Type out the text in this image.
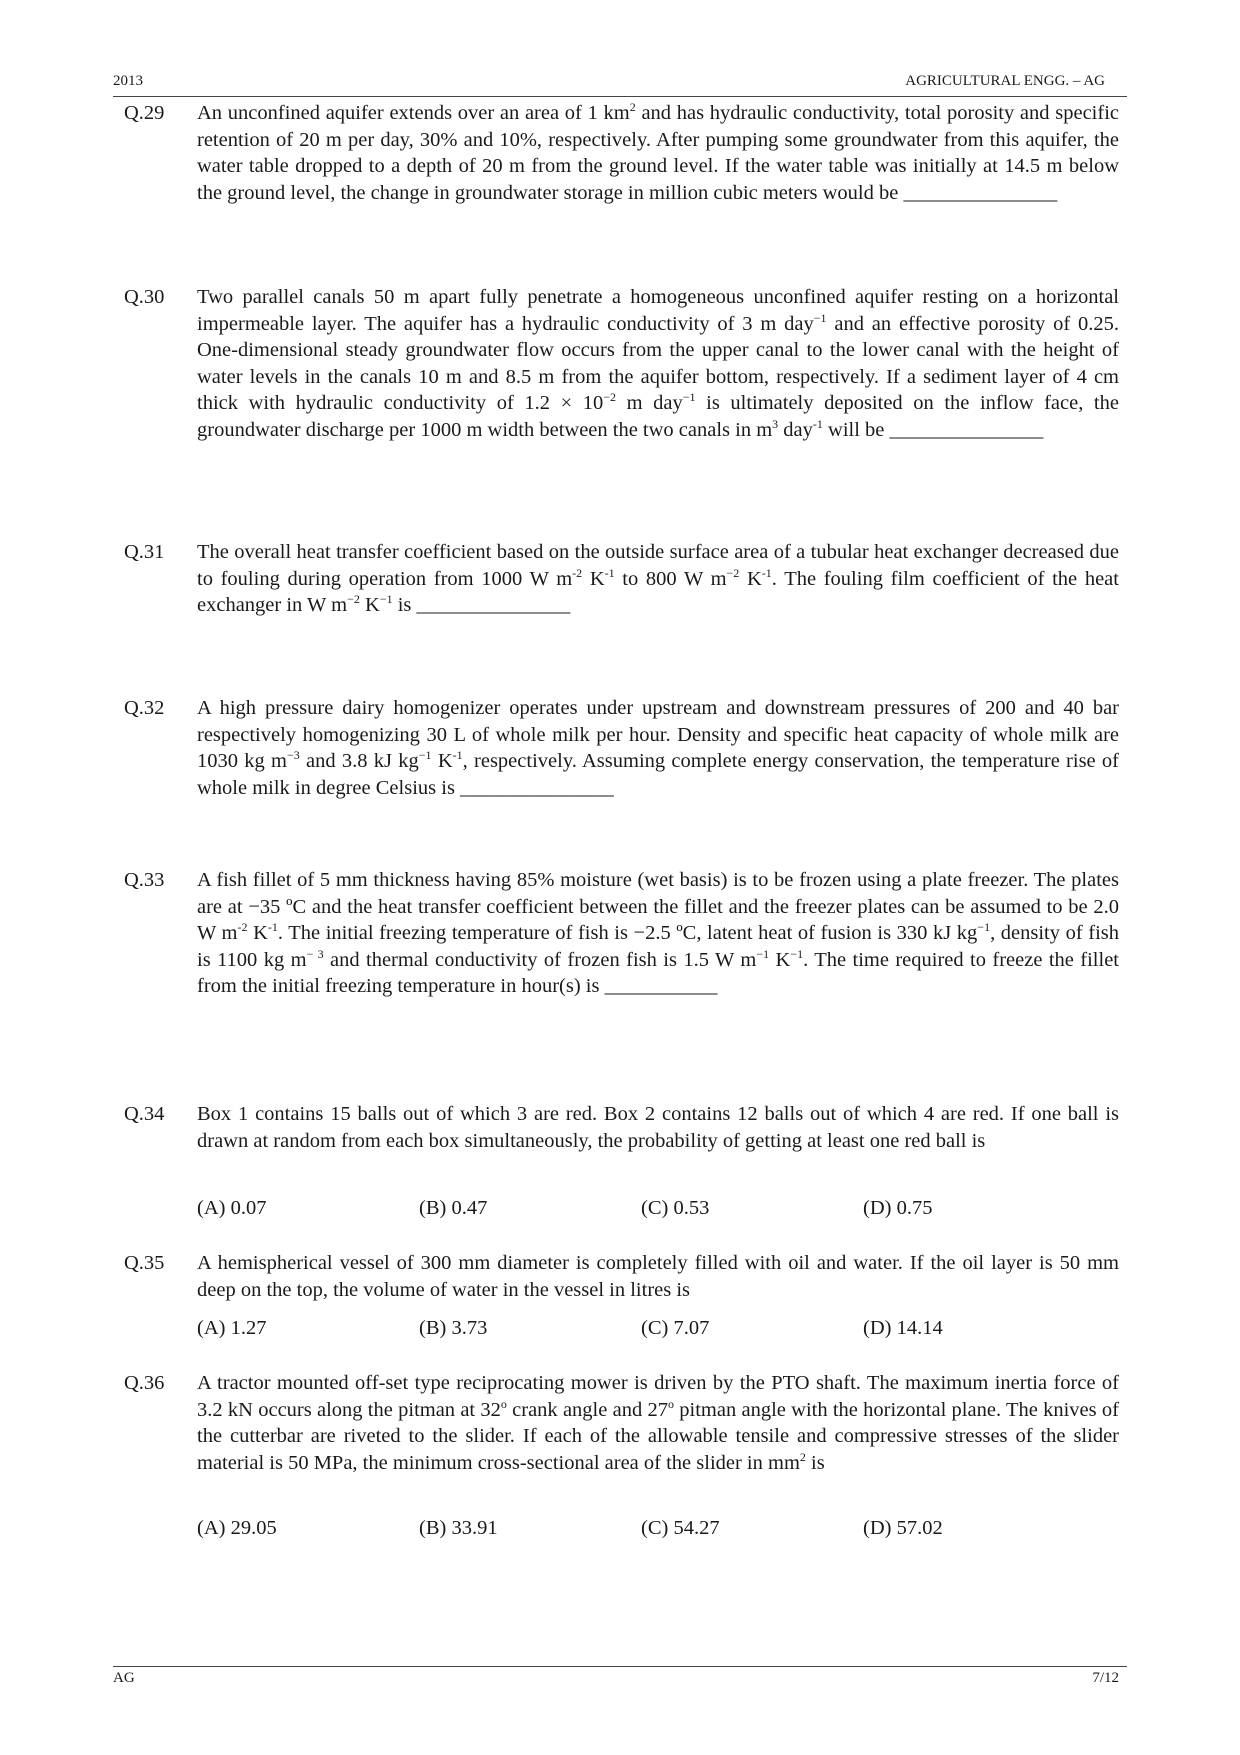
2013	AGRICULTURAL ENGG. – AG
Q.29 An unconfined aquifer extends over an area of 1 $km^2$ and has hydraulic conductivity, total porosity and specific retention of 20 m per day, 30% and 10%, respectively. After pumping some groundwater from this aquifer, the water table dropped to a depth of 20 m from the ground level. If the water table was initially at 14.5 m below the ground level, the change in groundwater storage in million cubic meters would be _______________
Q.30 Two parallel canals 50 m apart fully penetrate a homogeneous unconfined aquifer resting on a horizontal impermeable layer. The aquifer has a hydraulic conductivity of 3 m day$^{-1}$ and an effective porosity of 0.25. One-dimensional steady groundwater flow occurs from the upper canal to the lower canal with the height of water levels in the canals 10 m and 8.5 m from the aquifer bottom, respectively. If a sediment layer of 4 cm thick with hydraulic conductivity of $1.2 \times 10^{-2}$ m day$^{-1}$ is ultimately deposited on the inflow face, the groundwater discharge per 1000 m width between the two canals in $m^3$ day$^{-1}$ will be _______________
Q.31 The overall heat transfer coefficient based on the outside surface area of a tubular heat exchanger decreased due to fouling during operation from 1000 W $m^{-2}$ $K^{-1}$ to 800 W $m^{-2}$ $K^{-1}$. The fouling film coefficient of the heat exchanger in W $m^{-2}$ $K^{-1}$ is _______________
Q.32 A high pressure dairy homogenizer operates under upstream and downstream pressures of 200 and 40 bar respectively homogenizing 30 L of whole milk per hour. Density and specific heat capacity of whole milk are 1030 kg $m^{-3}$ and 3.8 kJ $kg^{-1}$ $K^{-1}$, respectively. Assuming complete energy conservation, the temperature rise of whole milk in degree Celsius is _______________
Q.33 A fish fillet of 5 mm thickness having 85% moisture (wet basis) is to be frozen using a plate freezer. The plates are at −35 ºC and the heat transfer coefficient between the fillet and the freezer plates can be assumed to be 2.0 W $m^{-2}$ $K^{-1}$. The initial freezing temperature of fish is −2.5 ºC, latent heat of fusion is 330 kJ $kg^{-1}$, density of fish is 1100 kg $m^{- 3}$ and thermal conductivity of frozen fish is 1.5 W $m^{-1}$ $K^{-1}$. The time required to freeze the fillet from the initial freezing temperature in hour(s) is ___________
Q.34 Box 1 contains 15 balls out of which 3 are red. Box 2 contains 12 balls out of which 4 are red. If one ball is drawn at random from each box simultaneously, the probability of getting at least one red ball is
(A) 0.07	(B) 0.47	(C) 0.53	(D) 0.75
Q.35 A hemispherical vessel of 300 mm diameter is completely filled with oil and water. If the oil layer is 50 mm deep on the top, the volume of water in the vessel in litres is
(A) 1.27	(B) 3.73	(C) 7.07	(D) 14.14
Q.36 A tractor mounted off-set type reciprocating mower is driven by the PTO shaft. The maximum inertia force of 3.2 kN occurs along the pitman at 32$^o$ crank angle and 27$^o$ pitman angle with the horizontal plane. The knives of the cutterbar are riveted to the slider. If each of the allowable tensile and compressive stresses of the slider material is 50 MPa, the minimum cross-sectional area of the slider in $mm^2$ is
(A) 29.05	(B) 33.91	(C) 54.27	(D) 57.02
AG	7/12
